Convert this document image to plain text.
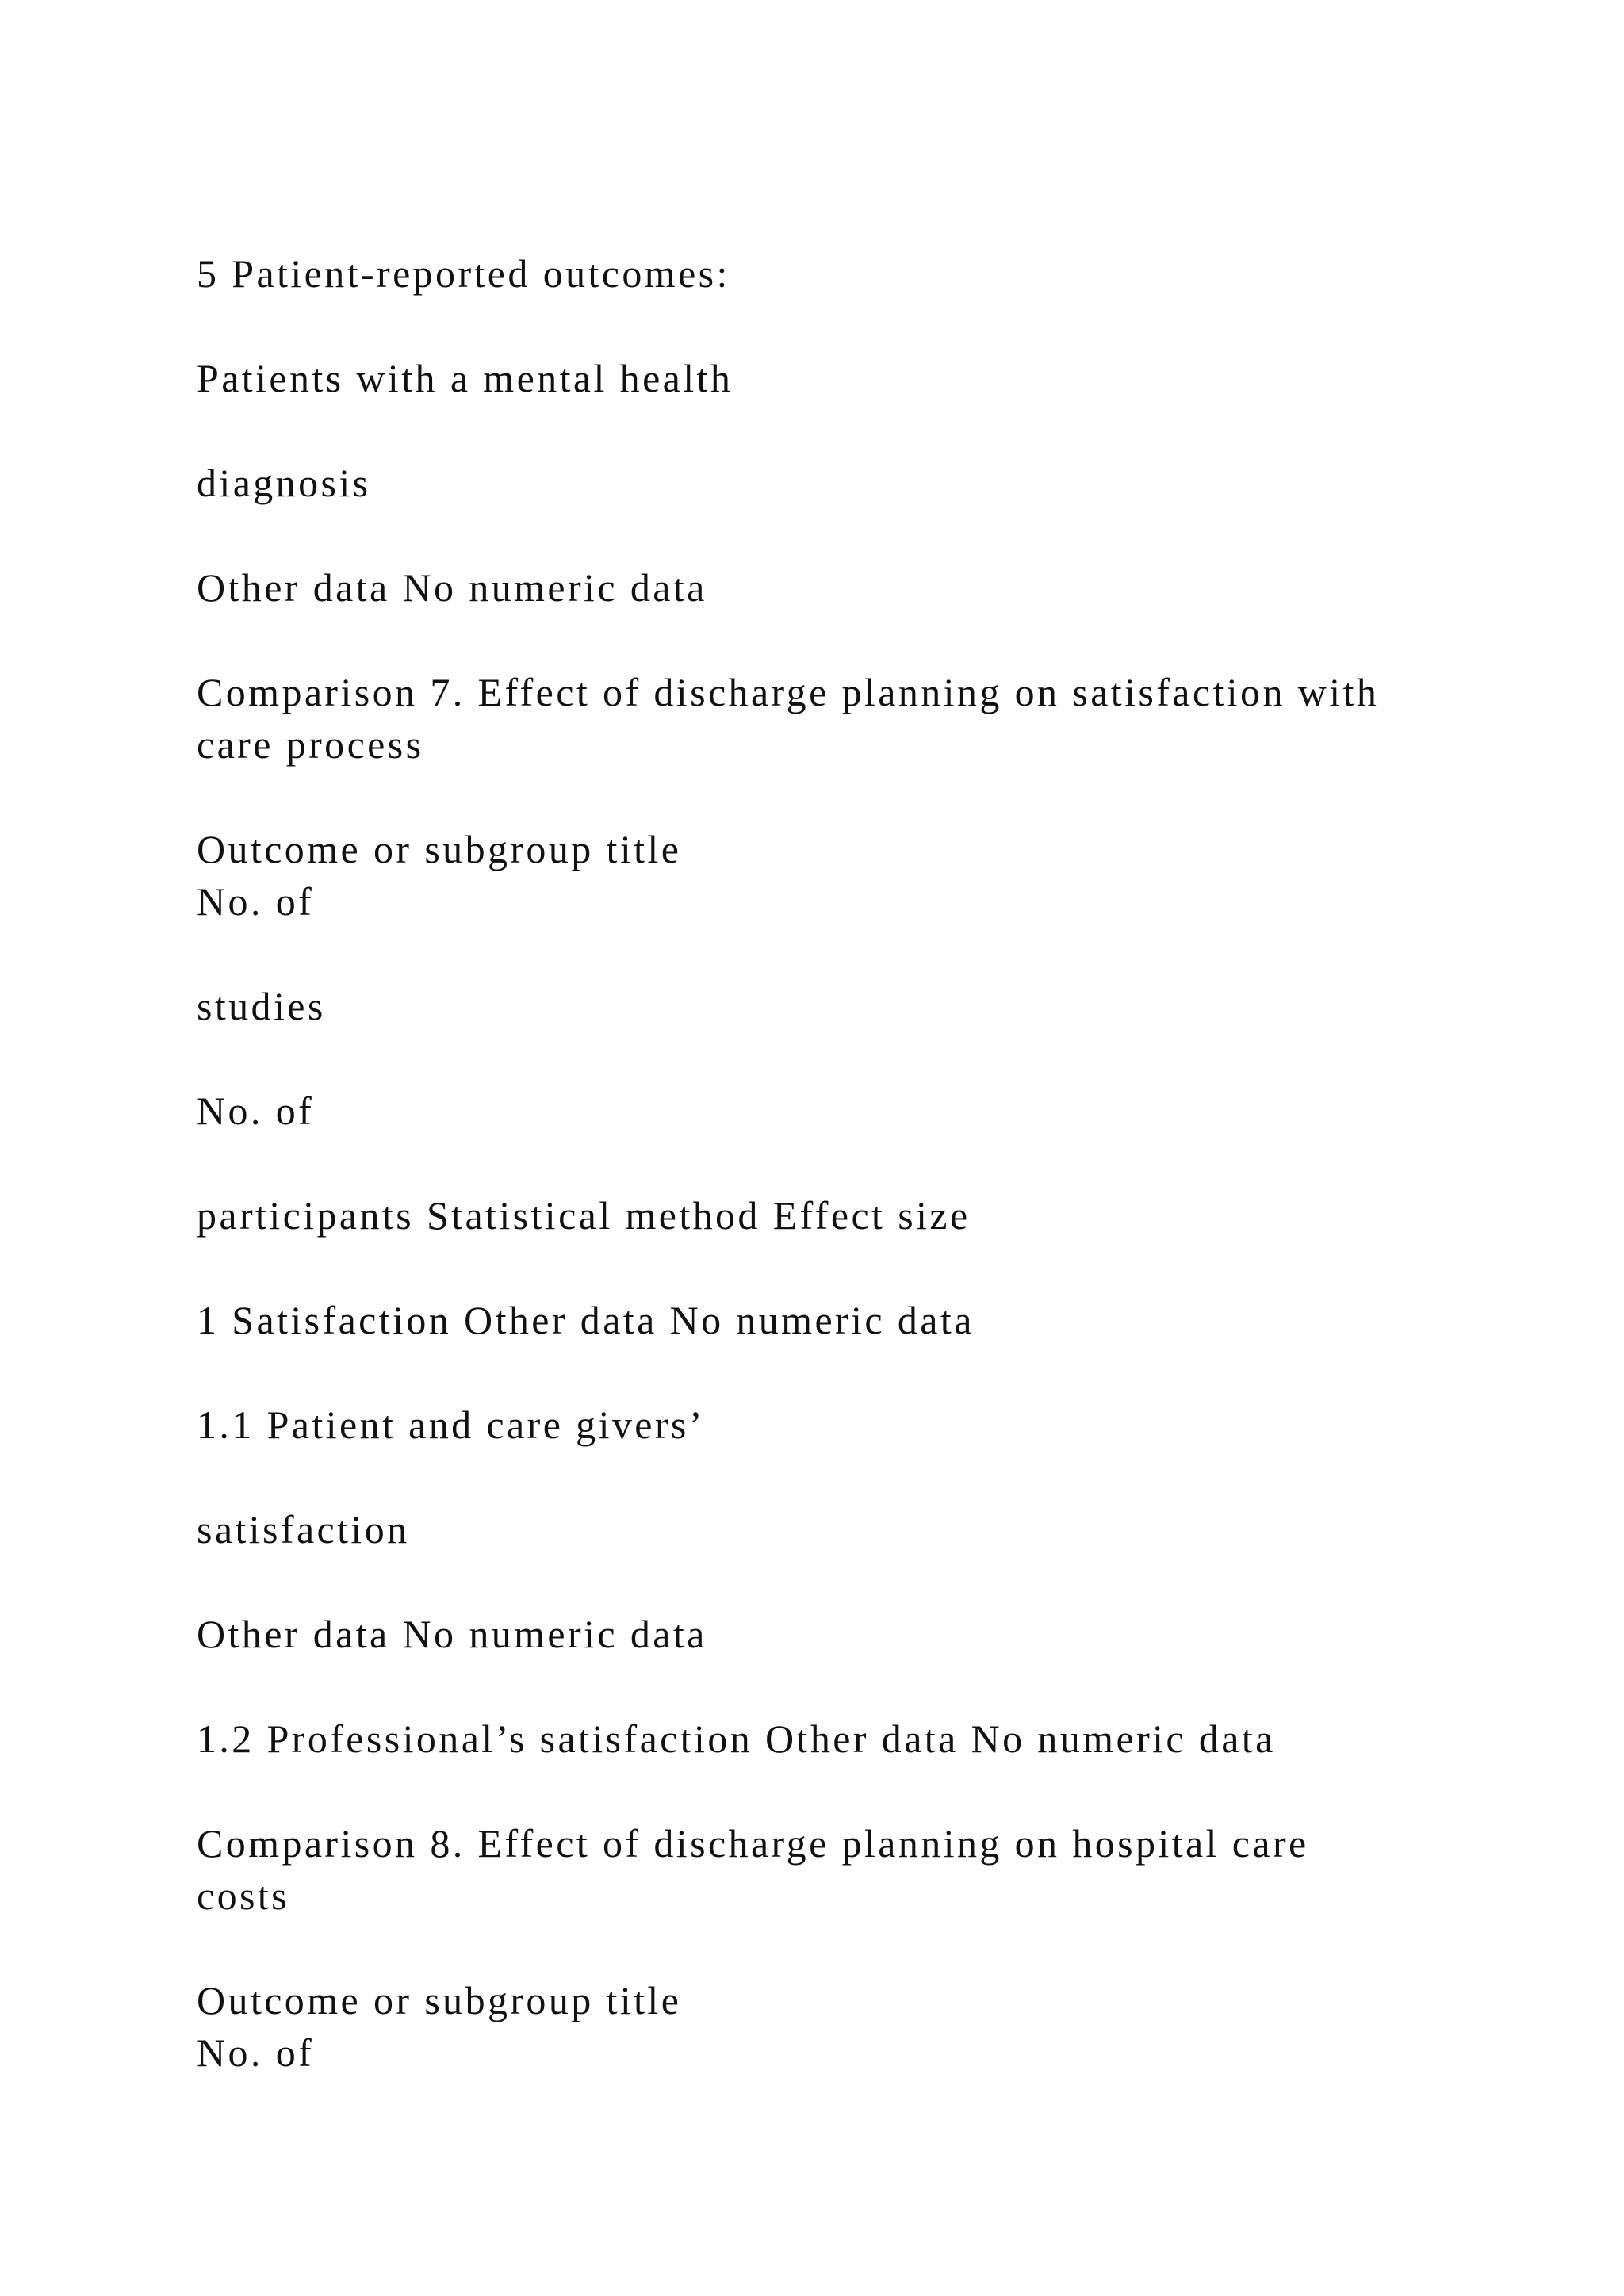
5 Patient-reported outcomes:
Patients with a mental health
diagnosis
Other data No numeric data
Comparison 7. Effect of discharge planning on satisfaction with
care process
Outcome or subgroup title
No. of
studies
No. of
participants Statistical method Effect size
1 Satisfaction Other data No numeric data
1.1 Patient and care givers’
satisfaction
Other data No numeric data
1.2 Professional’s satisfaction Other data No numeric data
Comparison 8. Effect of discharge planning on hospital care
costs
Outcome or subgroup title
No. of
